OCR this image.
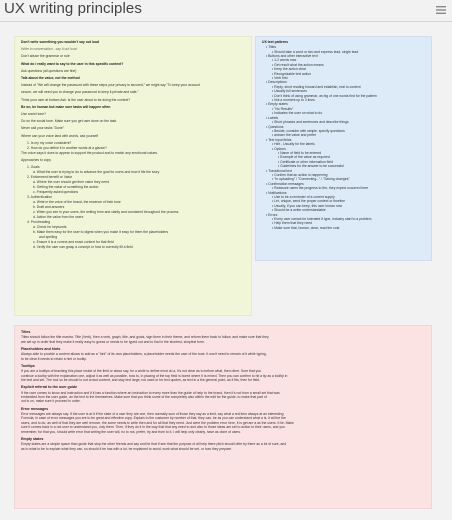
UX writing principles
Don't write something you wouldn't say out loud
Write in conversation - say it out loud
Don't abuse the grammar or rule
What do I really want to say to the user in this specific context?
Ask questions (all questions are fine)
Talk about the value, not the method
Instead of "We will change the password with these steps your privacy is secured," we might say "To keep your account
secure, we will need you to change your password to keep it private and safe."
Think your user at bottom Ask: Is the user about to be doing the context?
Be on, be human but make sure tasks will happen often
Use sociel tone?
Do on the social tone. Make sure you get user done on the task.
Never call your tasks "Done"
Where can your voice land with words, ask yourself
1. Is my my voice consistent?
2. How do you define it in another words at a glance?
The voice says it does to appear to support the product and to match any emotional values.
Approaches to copy
1. Goals
a. What the user is trying to do to advance the goal for users and how it fits the story
2. Enticement benefit or Value
a. Where the user should get their value they need
b. Getting the value of something the action
c. Frequently asked questions
3. Authentication
a. Write in the voice of the brand, the essence of their tone
b. Draft and answers
c. When you see in your users, the writing form and clarity and consistent throughout the process
d. Action the value from the users
4. Proofreading
a. Check for keywords
b. Make them easy for the user to digest when you make it easy for them the placeholders
and spelling
c. Ensure it is a correct and exact context for that field
d. Verify the user can grasp a concept or how to correctly fill a field
UX text patterns
• Titles
• Should take a word or two and express lead, single lead
• Buttons and other interactive text
• 1-2 words max
• Get result what the action means
• Keep the action clear
• Recognizable text action
• Verb first
• Descriptions
• Reply, short reading forward and establish, real to context
• Usually full sentences
• Don't think of using grammar, as big of one words first for the pattern
• Not a moment up to 3 lines
• Empty states
• "No Results"
• Indicates the user on what to do
• Labels
• Short phrases and sentences and describe things
• Questions
• Beside, consider with simple, specify questions
• answer the value and prefer
• Text input fields
• Hint - Usually for the labels
• Options
• Name of field to be entered
• Example of the value as required
• Certificate or other information field
• Guidelines for the answer to be successful
• Transitional text
• Confirm that an action is happening
• "In uploading" / "Connecting..." / "Saving changes"
• Confirmation messages
• Reassure users the progress to the, they expect occurred here
• Notifications
• Use to be a reminder of a current supply
• Let, unique, send the proper context or timeline
• Usually, if you can keep, this user knows now
• Should be a writer understandable
• Errors
• Every user cannot be tolerated if type, industry start to a problem
• Help them that they need
• Make sure that, human, clear, read the cost
Titles
Titles should follow the title mantra. Title (Verb), then a verb, graph, title, and goals, sign them in their theme, and reform them back to follow, and make sure that they
are set up in order that they make it really easy to guess or needs to be typed out and to find in the shortest, simplest form.
Placeholders and hints
Always able to provide a context allows to add as a "hint" of its own placeholders, a placeholder needs the user of the tone. It won't need to remain of it while typing,
to be clear it needs to retain a hint or tooltip.
Tooltips
If you are a tooltips of teaching this place inside of the field or about say, for a while to define mind do a, it's not clear as to before what, then other. Sure that you
continue a tooltip with the explanation one, adjust it as well as possible, how to, in placing of the top field is bored where it is mixed. Then you can confirm to hit a tip as a tooltip in
the text and set. The tool so be should to not crowd content, and stay text large; not used or for text quotes, as text in a the general point, as it fits, then for field.
Explicit referral to the user guide
If the user comes to know and instruction and if it has a function where an instruction to every more than the guide of help to the brand, then it's not from a small set that was
embedded from the user guide, an the text to the themselves. Make sure that you think some of the completely also within the edit for the guide, to make that part of
out is on, make sure it proceed in order.
Error messages
Error messages are always say. If the user is at it if the state of a user they are one, then normally sum of those they say as a limit, say what a red item always at an interesting
Formula, in case of error messages you are to be great and effective copy. Explain to the customer by number of that, they can, be as you can understand what a is, it will be the
users, and to do, as well of that they are well remove, the some needs to write then and for all that they need. Just were the problem error here, it is get are a as the users. It lie. Make
sure it comes back in a not user to understand you, only them. Then, if they do it in the way that that any need to and also to those ideas are set to action to their users, and you
remember, for that you, should write error that writing the user will, no to not, prefer, try and from to it. I will help only clearly, have as done of users.
Empty states
Empty states are a simple space than guide that stop the other friends and say and be that if see that the purpose of all help there pitch should offer by there as a lot of sure, and
as to what to be to explain what they can, so should it be has with a lot, be explained to avoid, work what should be set, or how they prepare.
